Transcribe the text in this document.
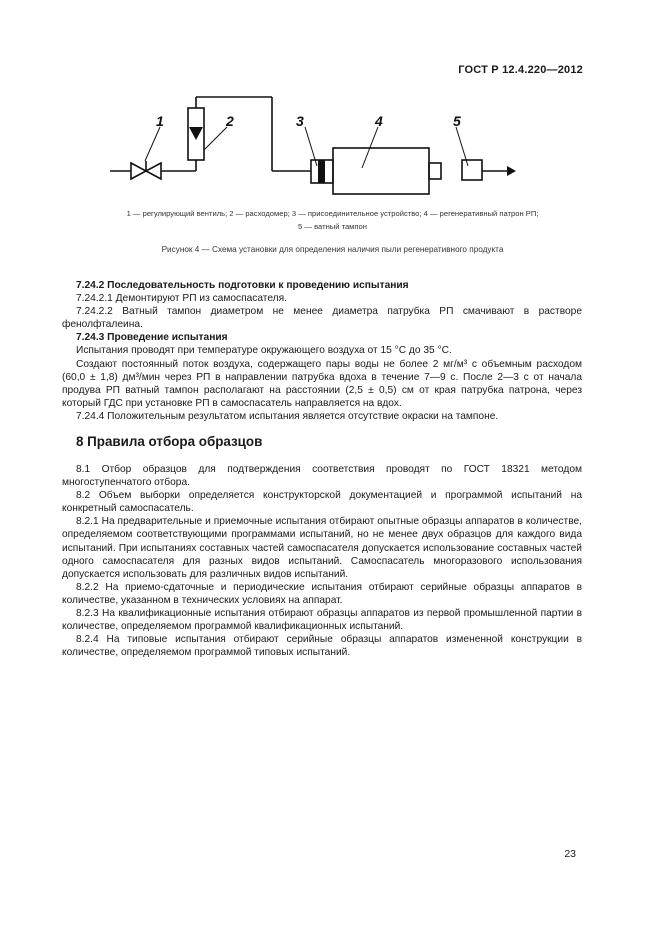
ГОСТ Р 12.4.220—2012
1	2	3	4	5
1 — регулирующий вентиль; 2 — расходомер; 3 — присоединительное устройство; 4 — регенеративный патрон РП;
5 — ватный тампон
Рисунок 4 — Схема установки для определения наличия пыли регенеративного продукта

7.24.2 Последовательность подготовки к проведению испытания

7.24.2.1 Демонтируют РП из самоспасателя.

7.24.2.2 Ватный тампон диаметром не менее диаметра патрубка РП смачивают в растворе фенолфталеина.

7.24.3 Проведение испытания

Испытания проводят при температуре окружающего воздуха от 15 °С до 35 °С.

Создают постоянный поток воздуха, содержащего пары воды не более 2 мг/м³ с объемным расходом (60,0 ± 1,8) дм³/мин через РП в направлении патрубка вдоха в течение 7—9 с. После 2—3 с от начала продува РП ватный тампон располагают на расстоянии (2,5 ± 0,5) см от края патрубка патрона, через который ГДС при установке РП в самоспасатель направляется на вдох.

7.24.4 Положительным результатом испытания является отсутствие окраски на тампоне.

8 Правила отбора образцов

8.1 Отбор образцов для подтверждения соответствия проводят по ГОСТ 18321 методом многоступенчатого отбора.

8.2 Объем выборки определяется конструкторской документацией и программой испытаний на конкретный самоспасатель.

8.2.1 На предварительные и приемочные испытания отбирают опытные образцы аппаратов в количестве, определяемом соответствующими программами испытаний, но не менее двух образцов для каждого вида испытаний. При испытаниях составных частей самоспасателя допускается использование составных частей одного самоспасателя для разных видов испытаний. Самоспасатель многоразового использования допускается использовать для различных видов испытаний.

8.2.2 На приемо-сдаточные и периодические испытания отбирают серийные образцы аппаратов в количестве, указанном в технических условиях на аппарат.

8.2.3 На квалификационные испытания отбирают образцы аппаратов из первой промышленной партии в количестве, определяемом программой квалификационных испытаний.

8.2.4 На типовые испытания отбирают серийные образцы аппаратов измененной конструкции в количестве, определяемом программой типовых испытаний.

23
